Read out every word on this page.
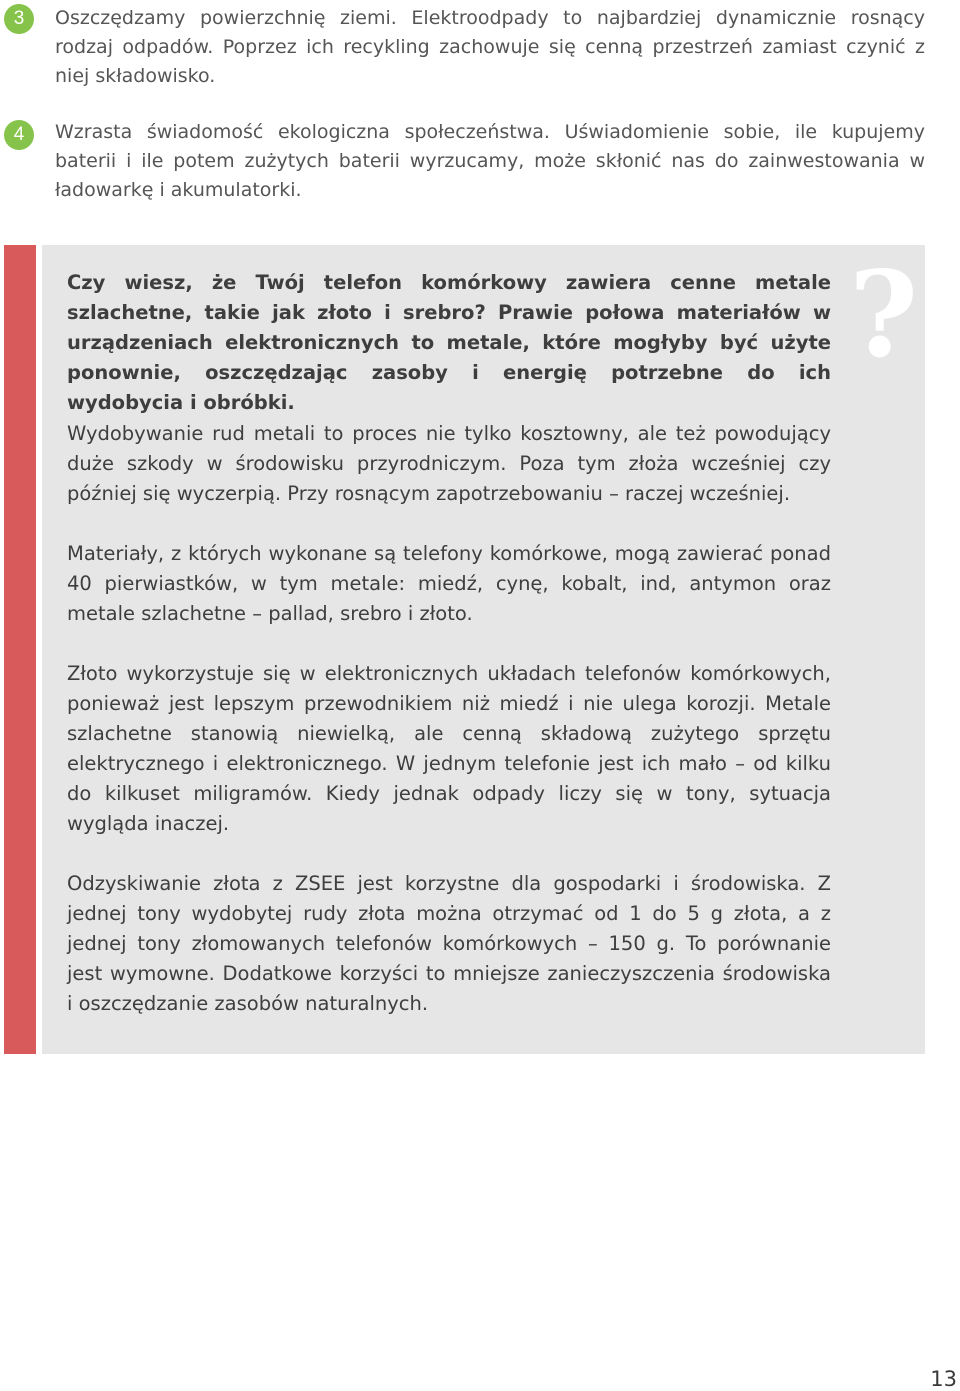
3	Oszczędzamy powierzchnię ziemi. Elektroodpady to najbardziej dynamicznie rosnący rodzaj odpadów. Poprzez ich recykling zachowuje się cenną przestrzeń zamiast czynić z niej składowisko.

4	Wzrasta świadomość ekologiczna społeczeństwa. Uświadomienie sobie, ile kupujemy baterii i ile potem zużytych baterii wyrzucamy, może skłonić nas do zainwestowania w ładowarkę i akumulatorki.

?

Czy wiesz, że Twój telefon komórkowy zawiera cenne metale szlachetne, takie jak złoto i srebro? Prawie połowa materiałów w urządzeniach elektronicznych to metale, które mogłyby być użyte ponownie, oszczędzając zasoby i energię potrzebne do ich wydobycia i obróbki.

Wydobywanie rud metali to proces nie tylko kosztowny, ale też powodujący duże szkody w środowisku przyrodniczym. Poza tym złoża wcześniej czy później się wyczerpią. Przy rosnącym zapotrzebowaniu – raczej wcześniej.

Materiały, z których wykonane są telefony komórkowe, mogą zawierać ponad 40 pierwiastków, w tym metale: miedź, cynę, kobalt, ind, antymon oraz metale szlachetne – pallad, srebro i złoto.

Złoto wykorzystuje się w elektronicznych układach telefonów komórkowych, ponieważ jest lepszym przewodnikiem niż miedź i nie ulega korozji. Metale szlachetne stanowią niewielką, ale cenną składową zużytego sprzętu elektrycznego i elektronicznego. W jednym telefonie jest ich mało – od kilku do kilkuset miligramów. Kiedy jednak odpady liczy się w tony, sytuacja wygląda inaczej.

Odzyskiwanie złota z ZSEE jest korzystne dla gospodarki i środowiska. Z jednej tony wydobytej rudy złota można otrzymać od 1 do 5 g złota, a z jednej tony złomowanych telefonów komórkowych – 150 g. To porównanie jest wymowne. Dodatkowe korzyści to mniejsze zanieczyszczenia środowiska i oszczędzanie zasobów naturalnych.

13
